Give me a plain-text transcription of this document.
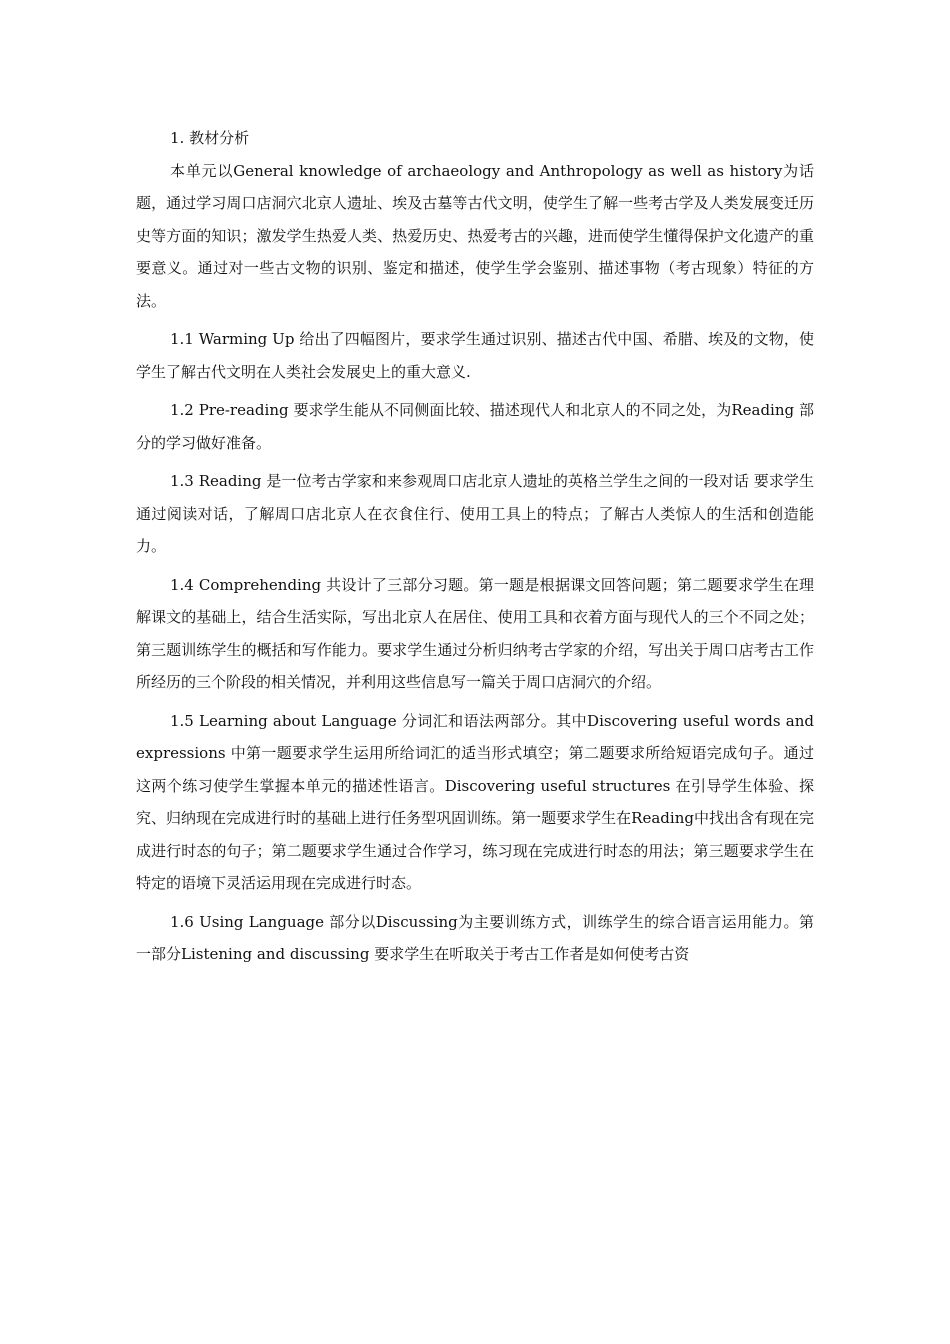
1. 教材分析

本单元以General knowledge of archaeology and Anthropology as well as history为话题，通过学习周口店洞穴北京人遗址、埃及古墓等古代文明，使学生了解一些考古学及人类发展变迁历史等方面的知识；激发学生热爱人类、热爱历史、热爱考古的兴趣，进而使学生懂得保护文化遗产的重要意义。通过对一些古文物的识别、鉴定和描述，使学生学会鉴别、描述事物（考古现象）特征的方法。

1.1 Warming Up 给出了四幅图片，要求学生通过识别、描述古代中国、希腊、埃及的文物，使学生了解古代文明在人类社会发展史上的重大意义.

1.2 Pre-reading 要求学生能从不同侧面比较、描述现代人和北京人的不同之处，为Reading 部分的学习做好准备。

1.3 Reading 是一位考古学家和来参观周口店北京人遗址的英格兰学生之间的一段对话 要求学生通过阅读对话，了解周口店北京人在衣食住行、使用工具上的特点；了解古人类惊人的生活和创造能力。

1.4 Comprehending 共设计了三部分习题。第一题是根据课文回答问题；第二题要求学生在理解课文的基础上，结合生活实际，写出北京人在居住、使用工具和衣着方面与现代人的三个不同之处；第三题训练学生的概括和写作能力。要求学生通过分析归纳考古学家的介绍，写出关于周口店考古工作所经历的三个阶段的相关情况，并利用这些信息写一篇关于周口店洞穴的介绍。

1.5 Learning about Language 分词汇和语法两部分。其中Discovering useful words and expressions 中第一题要求学生运用所给词汇的适当形式填空；第二题要求所给短语完成句子。通过这两个练习使学生掌握本单元的描述性语言。Discovering useful structures 在引导学生体验、探究、归纳现在完成进行时的基础上进行任务型巩固训练。第一题要求学生在Reading中找出含有现在完成进行时态的句子；第二题要求学生通过合作学习，练习现在完成进行时态的用法；第三题要求学生在特定的语境下灵活运用现在完成进行时态。

1.6 Using Language 部分以Discussing为主要训练方式，训练学生的综合语言运用能力。第一部分Listening and discussing 要求学生在听取关于考古工作者是如何使考古资
